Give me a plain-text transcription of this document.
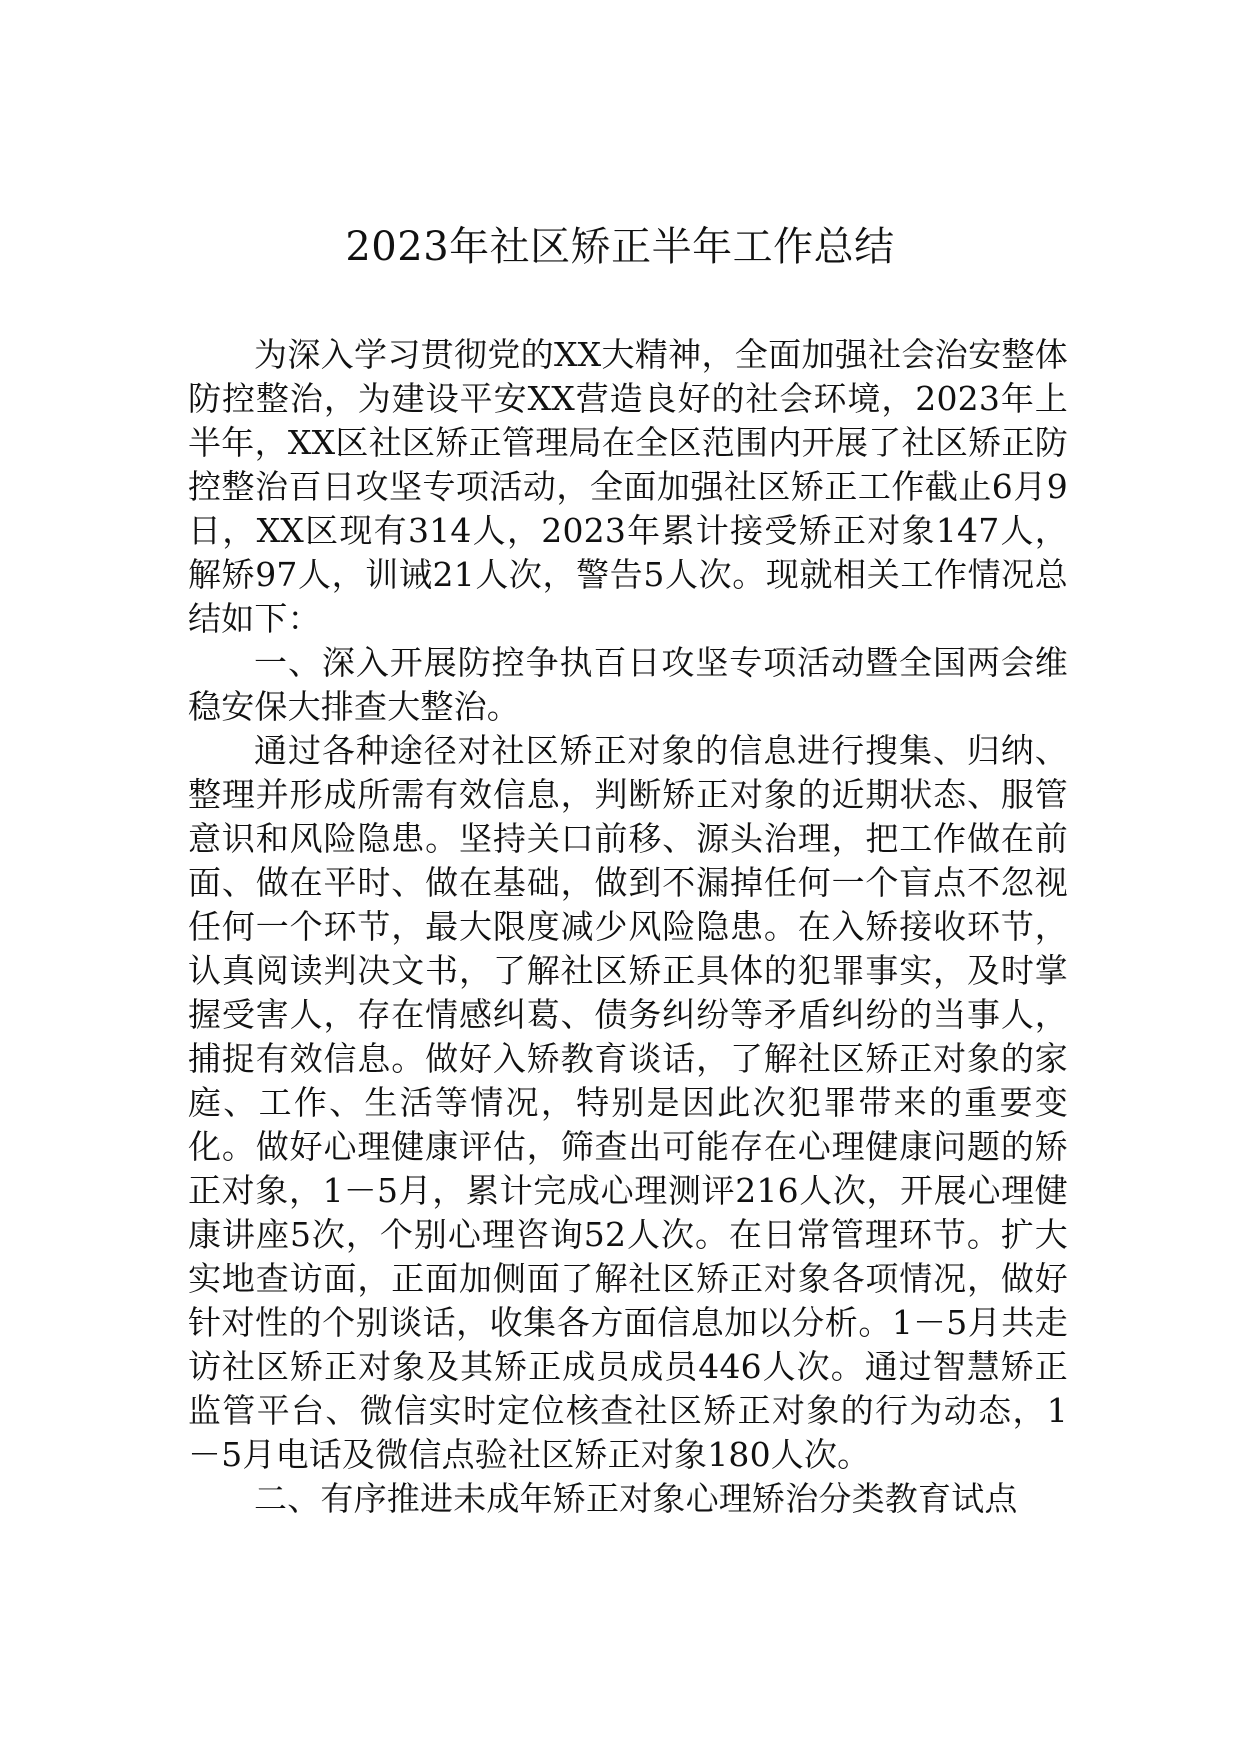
2023年社区矫正半年工作总结

为深入学习贯彻党的XX大精神，全面加强社会治安整体防控整治，为建设平安XX营造良好的社会环境，2023年上半年，XX区社区矫正管理局在全区范围内开展了社区矫正防控整治百日攻坚专项活动，全面加强社区矫正工作截止6月9日，XX区现有314人，2023年累计接受矫正对象147人，解矫97人，训诫21人次，警告5人次。现就相关工作情况总结如下：

一、深入开展防控争执百日攻坚专项活动暨全国两会维稳安保大排查大整治。

通过各种途径对社区矫正对象的信息进行搜集、归纳、整理并形成所需有效信息，判断矫正对象的近期状态、服管意识和风险隐患。坚持关口前移、源头治理，把工作做在前面、做在平时、做在基础，做到不漏掉任何一个盲点不忽视任何一个环节，最大限度减少风险隐患。在入矫接收环节，认真阅读判决文书，了解社区矫正具体的犯罪事实，及时掌握受害人，存在情感纠葛、债务纠纷等矛盾纠纷的当事人，捕捉有效信息。做好入矫教育谈话，了解社区矫正对象的家庭、工作、生活等情况，特别是因此次犯罪带来的重要变化。做好心理健康评估，筛查出可能存在心理健康问题的矫正对象，1－5月，累计完成心理测评216人次，开展心理健康讲座5次，个别心理咨询52人次。在日常管理环节。扩大实地查访面，正面加侧面了解社区矫正对象各项情况，做好针对性的个别谈话，收集各方面信息加以分析。1－5月共走访社区矫正对象及其矫正成员成员446人次。通过智慧矫正监管平台、微信实时定位核查社区矫正对象的行为动态，1－5月电话及微信点验社区矫正对象180人次。

二、有序推进未成年矫正对象心理矫治分类教育试点
